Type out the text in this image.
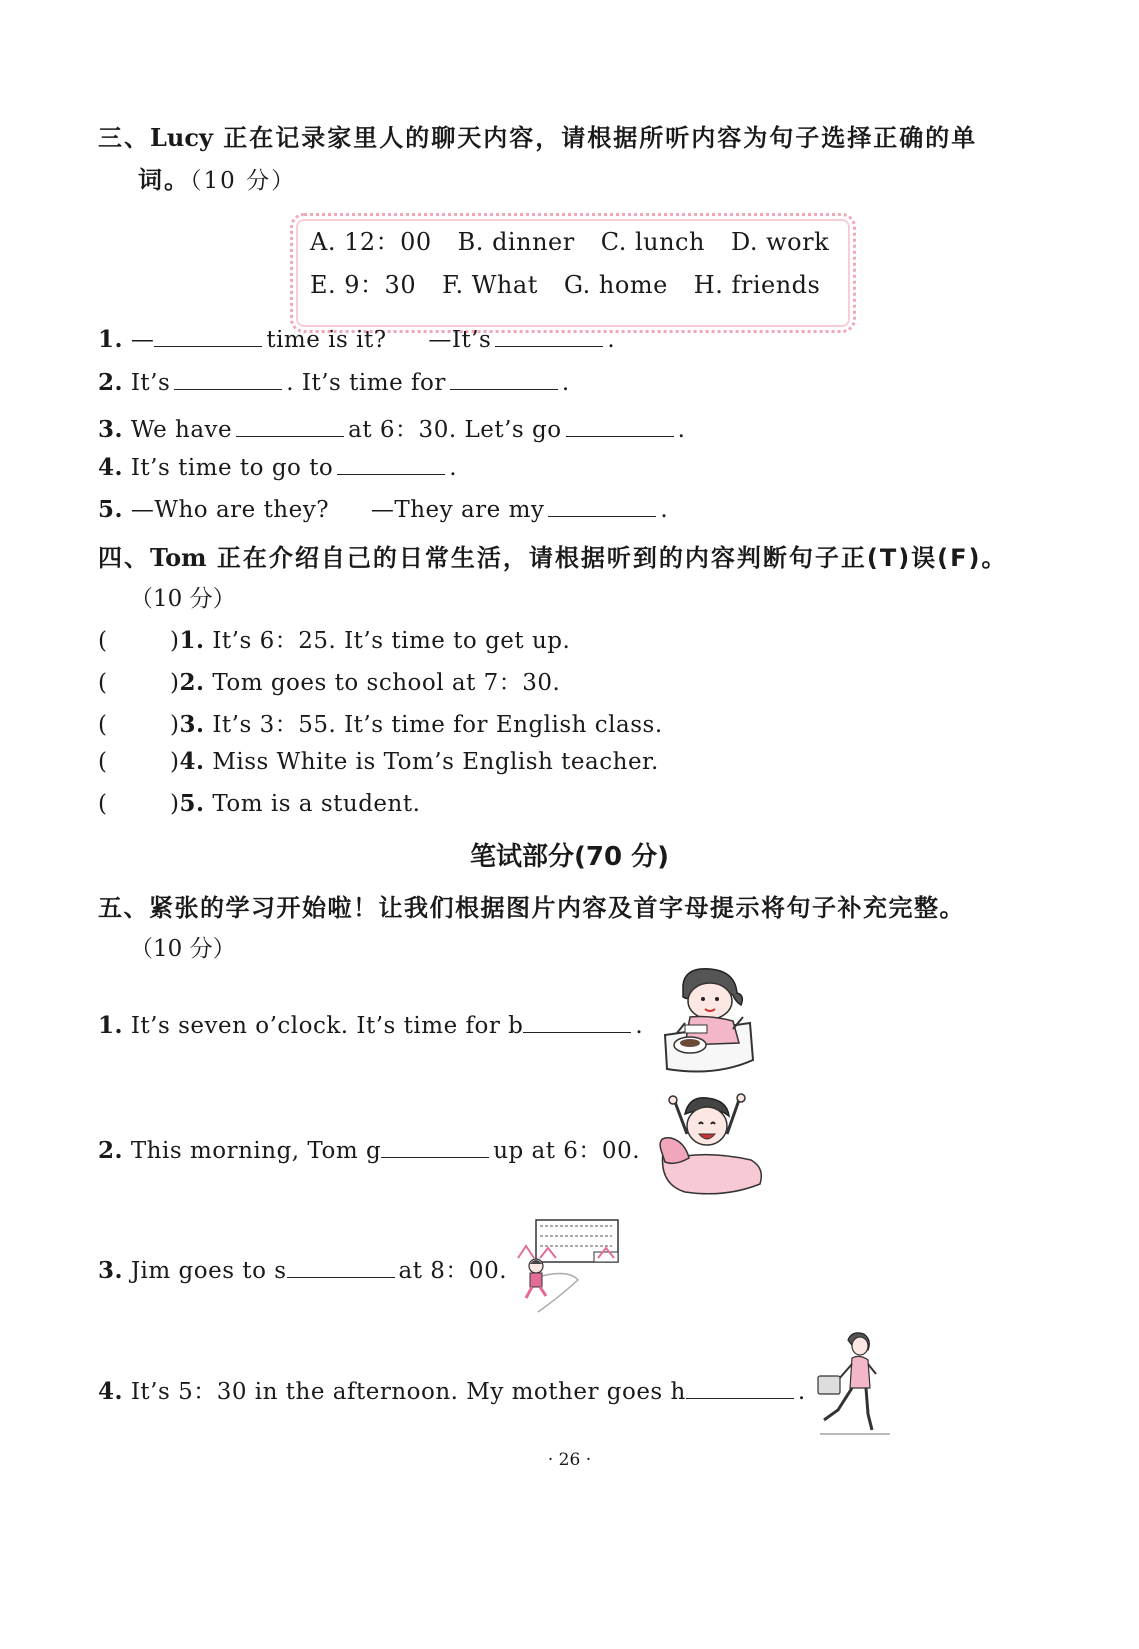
三、Lucy 正在记录家里人的聊天内容，请根据所听内容为句子选择正确的单
词。（10 分）
A. 12：00 B. dinner C. lunch D. work
E. 9：30 F. What G. home H. friends
1. —	time is it? —It’s	.
2. It’s	. It’s time for	.
3. We have	at 6：30. Let’s go	.
4. It’s time to go to	.
5. —Who are they? —They are my	.
四、Tom 正在介绍自己的日常生活，请根据听到的内容判断句子正(T)误(F)。
（10 分）
(	)1. It’s 6：25. It’s time to get up.
(	)2. Tom goes to school at 7：30.
(	)3. It’s 3：55. It’s time for English class.
(	)4. Miss White is Tom’s English teacher.
(	)5. Tom is a student.
笔试部分(70 分)
五、紧张的学习开始啦！让我们根据图片内容及首字母提示将句子补充完整。
（10 分）
1. It’s seven o’clock. It’s time for b	.
2. This morning, Tom g	up at 6：00.
3. Jim goes to s	at 8：00.
4. It’s 5：30 in the afternoon. My mother goes h	.
· 26 ·
